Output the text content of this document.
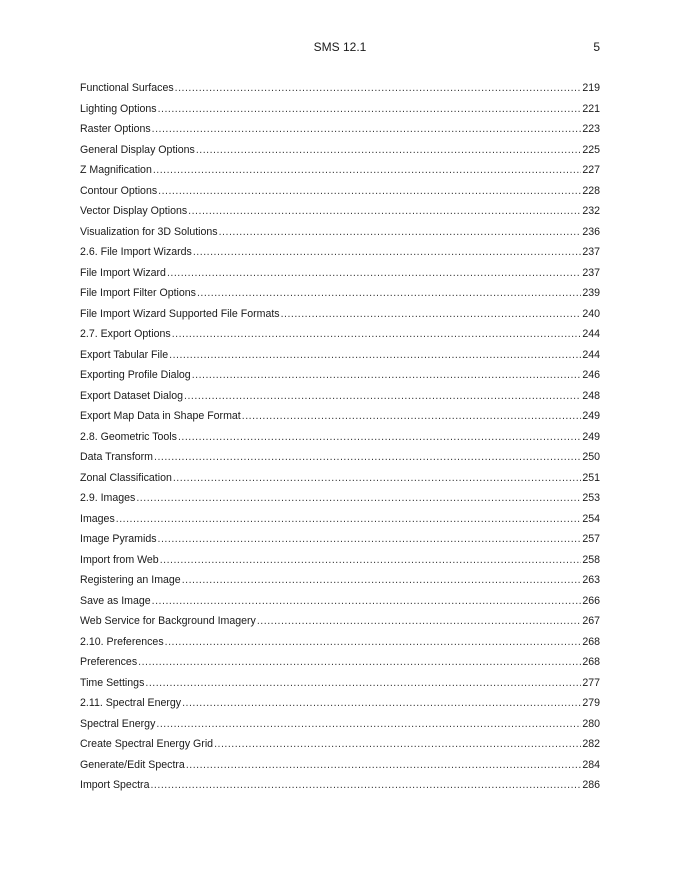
SMS 12.1	5
Functional Surfaces .....	219
Lighting Options .....	221
Raster Options .....	223
General Display Options .....	225
Z Magnification .....	227
Contour Options .....	228
Vector Display Options .....	232
Visualization for 3D Solutions .....	236
2.6. File Import Wizards .....	237
File Import Wizard .....	237
File Import Filter Options .....	239
File Import Wizard Supported File Formats .....	240
2.7. Export Options .....	244
Export Tabular File .....	244
Exporting Profile Dialog .....	246
Export Dataset Dialog .....	248
Export Map Data in Shape Format .....	249
2.8. Geometric Tools .....	249
Data Transform .....	250
Zonal Classification .....	251
2.9. Images .....	253
Images .....	254
Image Pyramids .....	257
Import from Web .....	258
Registering an Image .....	263
Save as Image .....	266
Web Service for Background Imagery .....	267
2.10. Preferences .....	268
Preferences .....	268
Time Settings .....	277
2.11. Spectral Energy .....	279
Spectral Energy .....	280
Create Spectral Energy Grid .....	282
Generate/Edit Spectra .....	284
Import Spectra .....	286
